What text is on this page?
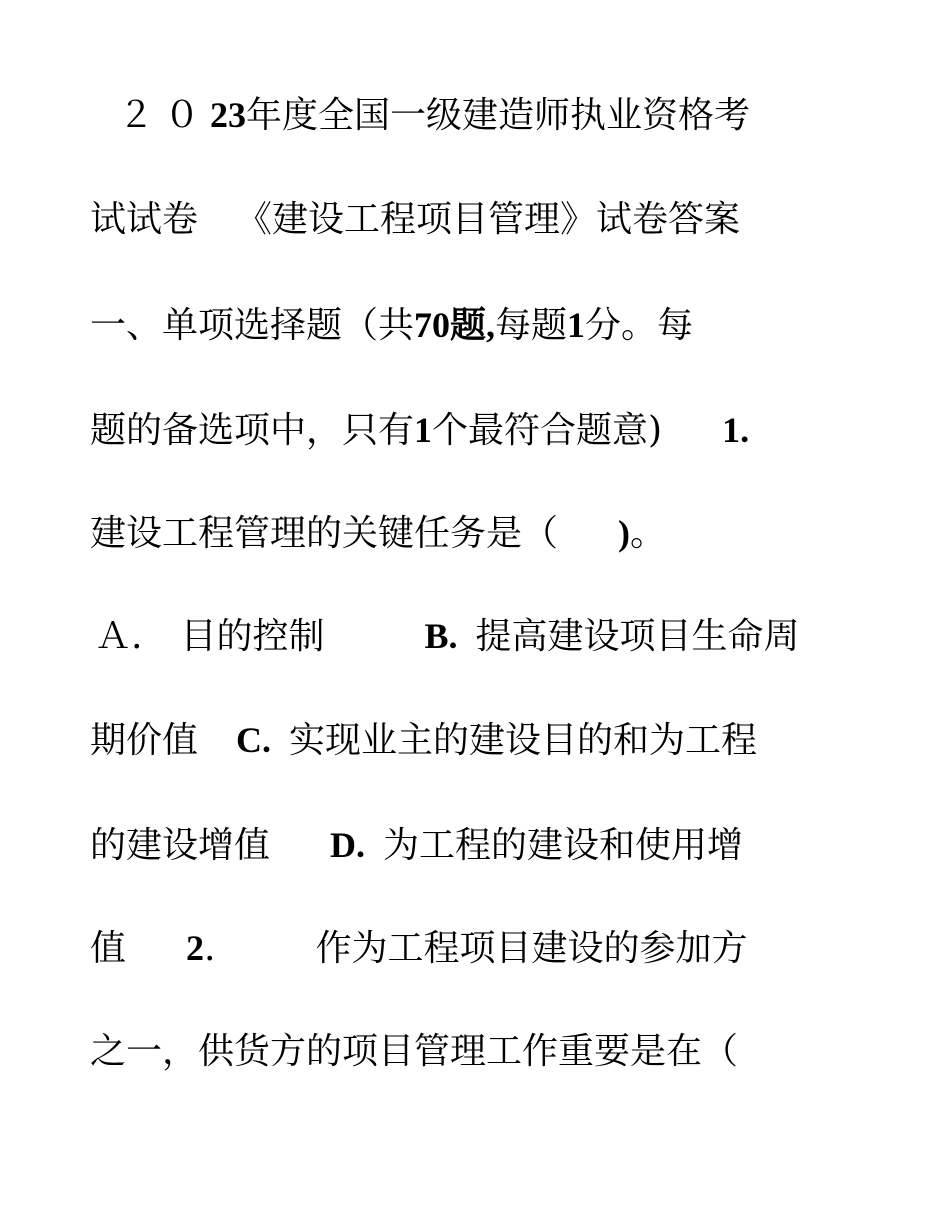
２０23年度全国一级建造师执业资格考
试试卷 《建设工程项目管理》试卷答案
一、单项选择题（共70题,每题1分。每
题的备选项中，只有1个最符合题意) 1.
建设工程管理的关键任务是（ )。
Ａ. 目的控制	B. 提高建设项目生命周
期价值 C. 实现业主的建设目的和为工程
的建设增值 D. 为工程的建设和使用增
值 2.	作为工程项目建设的参加方
之一，供货方的项目管理工作重要是在（
